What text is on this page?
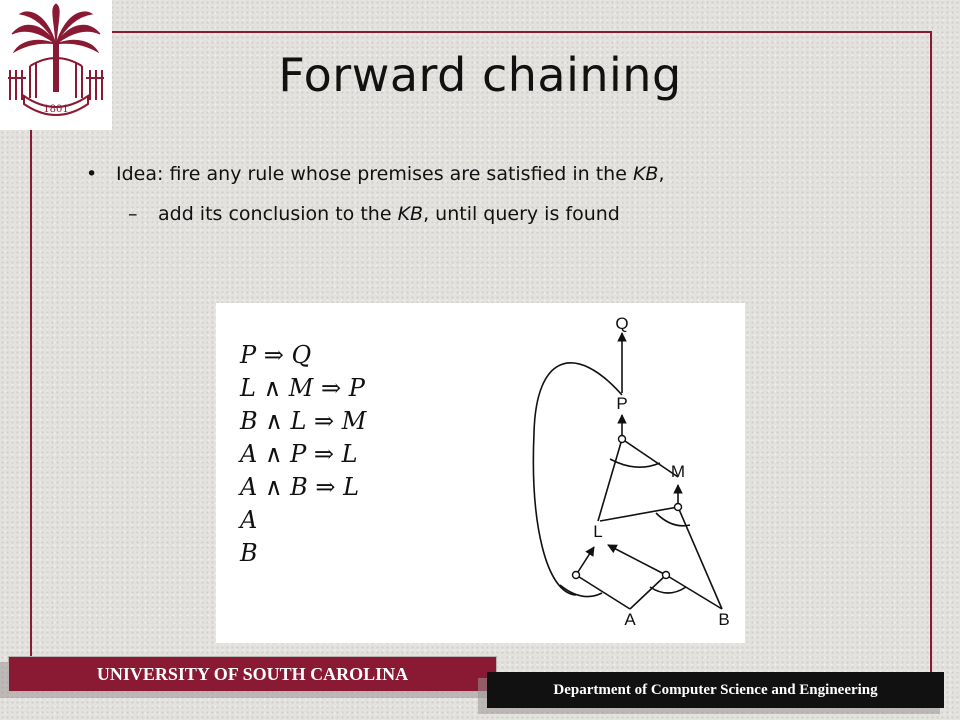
1801
Forward chaining
• Idea: fire any rule whose premises are satisfied in the KB,
– add its conclusion to the KB, until query is found
P ⇒ Q
L ∧ M ⇒ P
B ∧ L ⇒ M
A ∧ P ⇒ L
A ∧ B ⇒ L
A
B
Q
P
M
L
A	B
UNIVERSITY OF SOUTH CAROLINA
Department of Computer Science and Engineering
